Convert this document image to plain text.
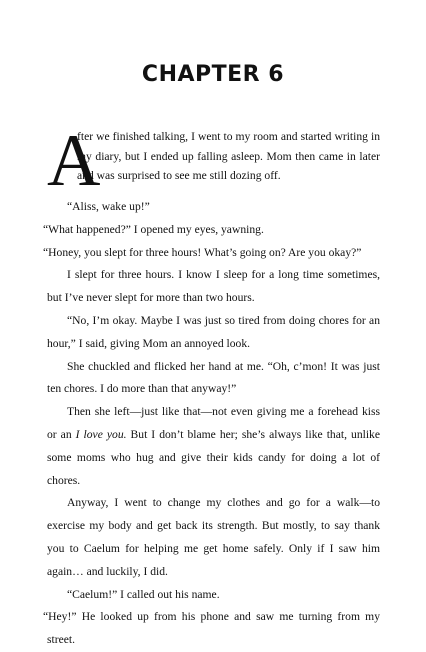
CHAPTER 6
A
fter we finished talking, I went to my room and started writing in my diary, but I ended up falling asleep. Mom then came in later and was surprised to see me still dozing off.

“Aliss, wake up!”

“What happened?” I opened my eyes, yawning.

“Honey, you slept for three hours! What’s going on? Are you okay?”

I slept for three hours. I know I sleep for a long time sometimes, but I’ve never slept for more than two hours.

“No, I’m okay. Maybe I was just so tired from doing chores for an hour,” I said, giving Mom an annoyed look.

She chuckled and flicked her hand at me. “Oh, c’mon! It was just ten chores. I do more than that anyway!”

Then she left—just like that—not even giving me a forehead kiss or an I love you. But I don’t blame her; she’s always like that, unlike some moms who hug and give their kids candy for doing a lot of chores.

Anyway, I went to change my clothes and go for a walk—to exercise my body and get back its strength. But mostly, to say thank you to Caelum for helping me get home safely. Only if I saw him again… and luckily, I did.

“Caelum!” I called out his name.

“Hey!” He looked up from his phone and saw me turning from my street.
